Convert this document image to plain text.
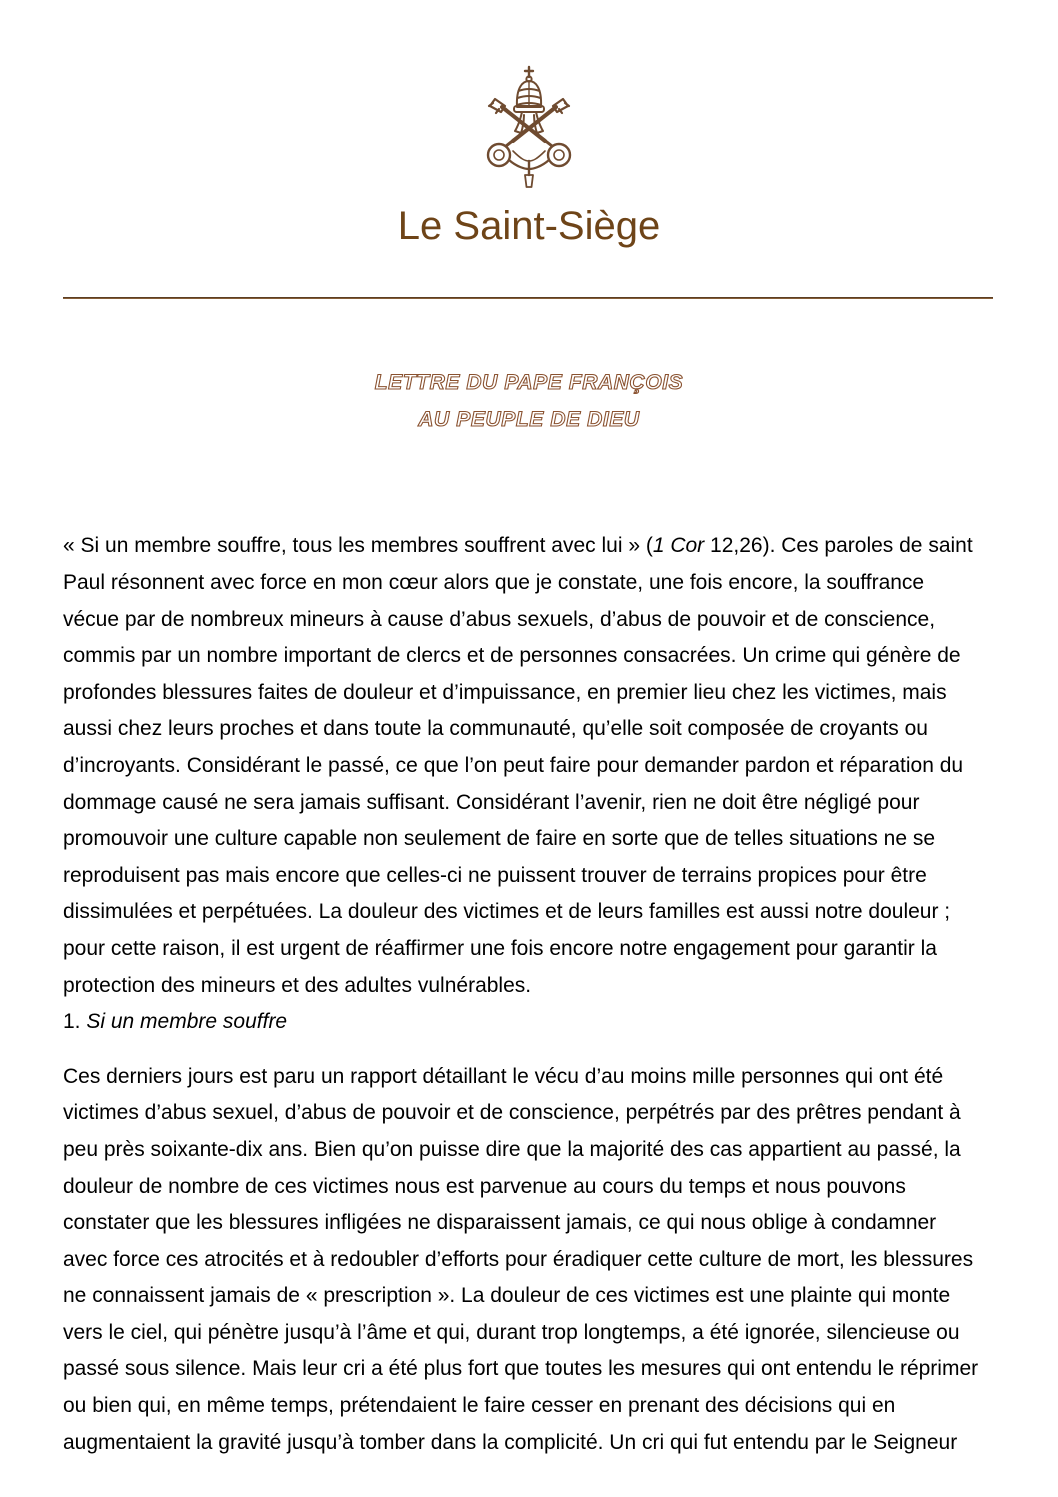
Le Saint-Siège
LETTRE DU PAPE FRANÇOIS
AU PEUPLE DE DIEU

« Si un membre souffre, tous les membres souffrent avec lui » (1 Cor 12,26). Ces paroles de saint Paul résonnent avec force en mon cœur alors que je constate, une fois encore, la souffrance vécue par de nombreux mineurs à cause d’abus sexuels, d’abus de pouvoir et de conscience, commis par un nombre important de clercs et de personnes consacrées. Un crime qui génère de profondes blessures faites de douleur et d’impuissance, en premier lieu chez les victimes, mais aussi chez leurs proches et dans toute la communauté, qu’elle soit composée de croyants ou d’incroyants. Considérant le passé, ce que l’on peut faire pour demander pardon et réparation du dommage causé ne sera jamais suffisant. Considérant l’avenir, rien ne doit être négligé pour promouvoir une culture capable non seulement de faire en sorte que de telles situations ne se reproduisent pas mais encore que celles-ci ne puissent trouver de terrains propices pour être dissimulées et perpétuées. La douleur des victimes et de leurs familles est aussi notre douleur ; pour cette raison, il est urgent de réaffirmer une fois encore notre engagement pour garantir la protection des mineurs et des adultes vulnérables.

1. Si un membre souffre

Ces derniers jours est paru un rapport détaillant le vécu d’au moins mille personnes qui ont été victimes d’abus sexuel, d’abus de pouvoir et de conscience, perpétrés par des prêtres pendant à peu près soixante-dix ans. Bien qu’on puisse dire que la majorité des cas appartient au passé, la douleur de nombre de ces victimes nous est parvenue au cours du temps et nous pouvons constater que les blessures infligées ne disparaissent jamais, ce qui nous oblige à condamner avec force ces atrocités et à redoubler d’efforts pour éradiquer cette culture de mort, les blessures ne connaissent jamais de « prescription ». La douleur de ces victimes est une plainte qui monte vers le ciel, qui pénètre jusqu’à l’âme et qui, durant trop longtemps, a été ignorée, silencieuse ou passé sous silence. Mais leur cri a été plus fort que toutes les mesures qui ont entendu le réprimer ou bien qui, en même temps, prétendaient le faire cesser en prenant des décisions qui en augmentaient la gravité jusqu’à tomber dans la complicité. Un cri qui fut entendu par le Seigneur
